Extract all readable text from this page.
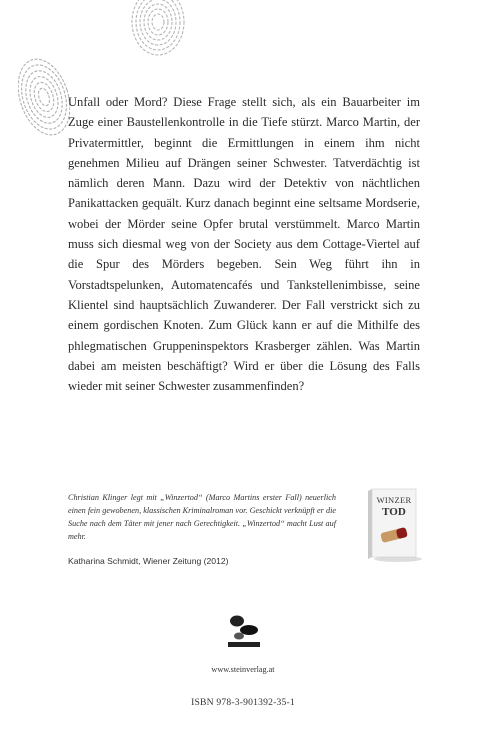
Unfall oder Mord? Diese Frage stellt sich, als ein Bauarbeiter im Zuge einer Baustellenkontrolle in die Tiefe stürzt. Marco Martin, der Privatermittler, beginnt die Ermittlungen in einem ihm nicht genehmen Milieu auf Drängen seiner Schwester. Tatverdächtig ist nämlich deren Mann. Dazu wird der Detektiv von nächtlichen Panikattacken gequält. Kurz danach beginnt eine seltsame Mordserie, wobei der Mörder seine Opfer brutal verstümmelt. Marco Martin muss sich diesmal weg von der Society aus dem Cottage-Viertel auf die Spur des Mörders begeben. Sein Weg führt ihn in Vorstadtspelunken, Automatencafés und Tankstellenimbisse, seine Klientel sind hauptsächlich Zuwanderer. Der Fall verstrickt sich zu einem gordischen Knoten. Zum Glück kann er auf die Mithilfe des phlegmatischen Gruppeninspektors Krasberger zählen. Was Martin dabei am meisten beschäftigt? Wird er über die Lösung des Falls wieder mit seiner Schwester zusammenfinden?

Christian Klinger legt mit „Winzertod“ (Marco Martins erster Fall) neuerlich einen fein gewobenen, klassischen Kriminalroman vor. Geschickt verknüpft er die Suche nach dem Täter mit jener nach Gerechtigkeit. „Winzertod“ macht Lust auf mehr.

Katharina Schmidt, Wiener Zeitung (2012)
WINZER
TOD
www.steinverlag.at
ISBN 978-3-901392-35-1
